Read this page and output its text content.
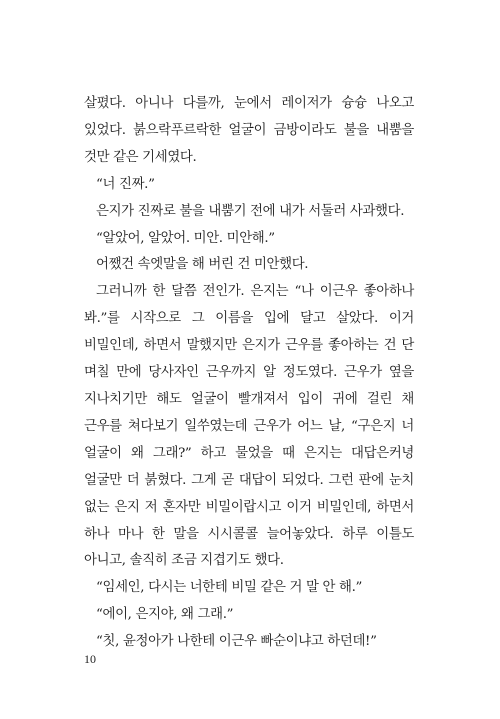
살폈다. 아니나 다를까, 눈에서 레이저가 슝슝 나오고 있었다. 붉으락푸르락한 얼굴이 금방이라도 불을 내뿜을 것만 같은 기세였다.

“너 진짜.”

은지가 진짜로 불을 내뿜기 전에 내가 서둘러 사과했다.

“알았어, 알았어. 미안. 미안해.”

어쨌건 속엣말을 해 버린 건 미안했다.

그러니까 한 달쯤 전인가. 은지는 “나 이근우 좋아하나 봐.”를 시작으로 그 이름을 입에 달고 살았다. 이거 비밀인데, 하면서 말했지만 은지가 근우를 좋아하는 건 단 며칠 만에 당사자인 근우까지 알 정도였다. 근우가 옆을 지나치기만 해도 얼굴이 빨개져서 입이 귀에 걸린 채 근우를 쳐다보기 일쑤였는데 근우가 어느 날, “구은지 너 얼굴이 왜 그래?” 하고 물었을 때 은지는 대답은커녕 얼굴만 더 붉혔다. 그게 곧 대답이 되었다. 그런 판에 눈치 없는 은지 저 혼자만 비밀이랍시고 이거 비밀인데, 하면서 하나 마나 한 말을 시시콜콜 늘어놓았다. 하루 이틀도 아니고, 솔직히 조금 지겹기도 했다.

“임세인, 다시는 너한테 비밀 같은 거 말 안 해.”

“에이, 은지야, 왜 그래.”

“칫, 윤정아가 나한테 이근우 빠순이냐고 하던데!”

10
